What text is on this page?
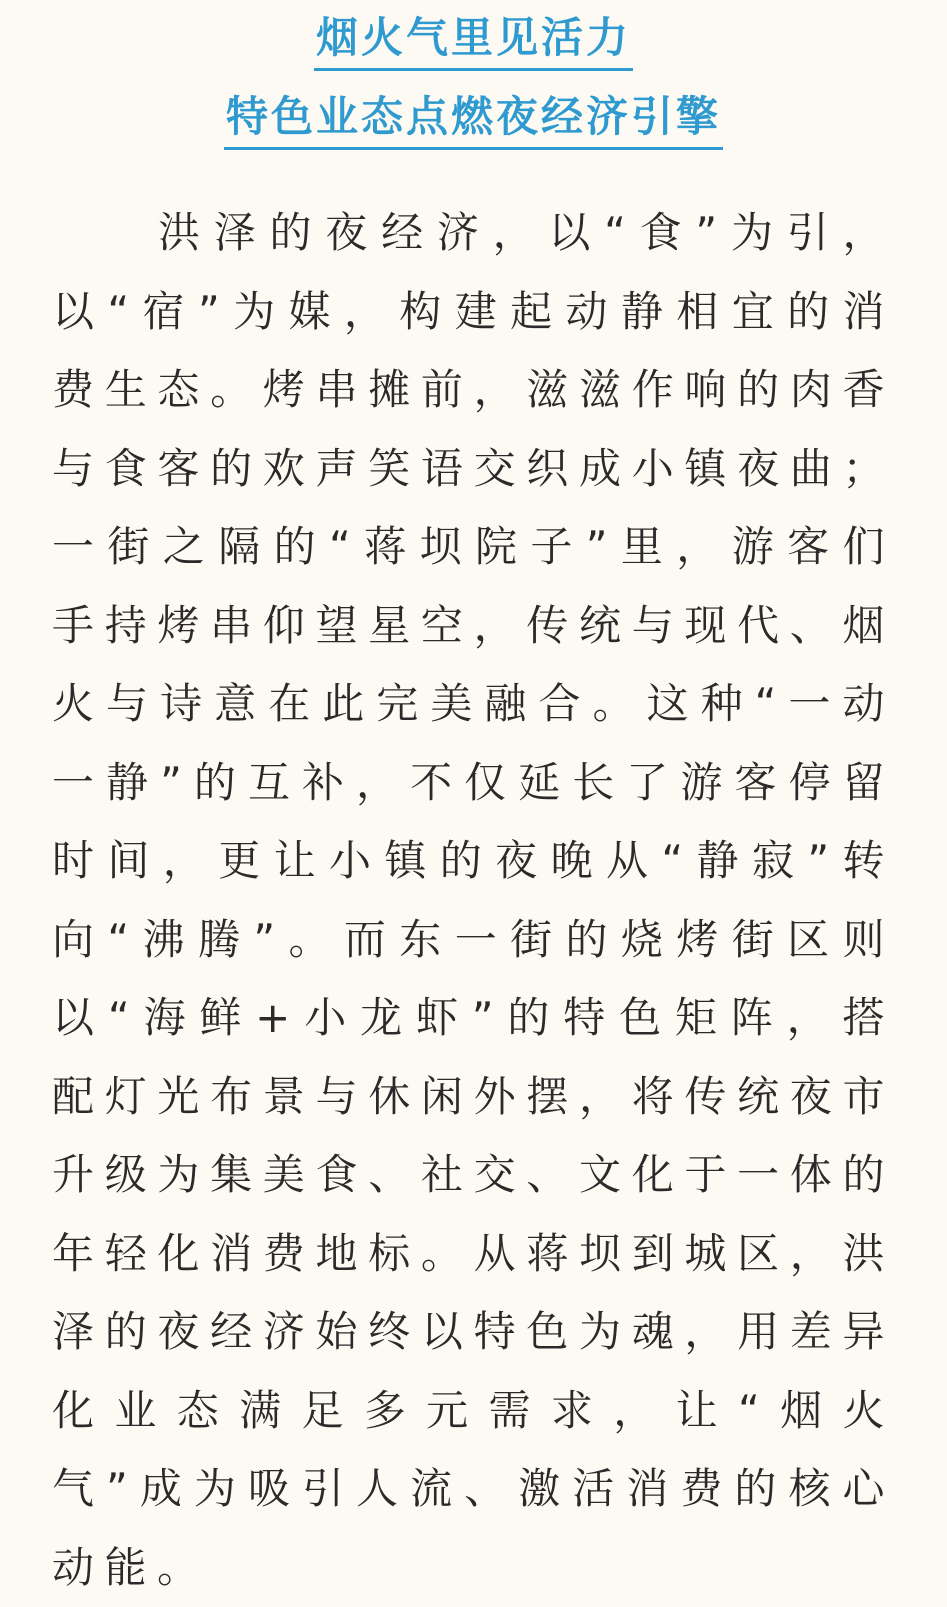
烟火气里见活力
特色业态点燃夜经济引擎

洪泽的夜经济，以“食”为引，以“宿”为媒，构建起动静相宜的消费生态。烤串摊前，滋滋作响的肉香与食客的欢声笑语交织成小镇夜曲；一街之隔的“蒋坝院子”里，游客们手持烤串仰望星空，传统与现代、烟火与诗意在此完美融合。这种“一动一静”的互补，不仅延长了游客停留时间，更让小镇的夜晚从“静寂”转向“沸腾”。而东一街的烧烤街区则以“海鲜+小龙虾”的特色矩阵，搭配灯光布景与休闲外摆，将传统夜市升级为集美食、社交、文化于一体的年轻化消费地标。从蒋坝到城区，洪泽的夜经济始终以特色为魂，用差异化业态满足多元需求，让“烟火气”成为吸引人流、激活消费的核心动能。
